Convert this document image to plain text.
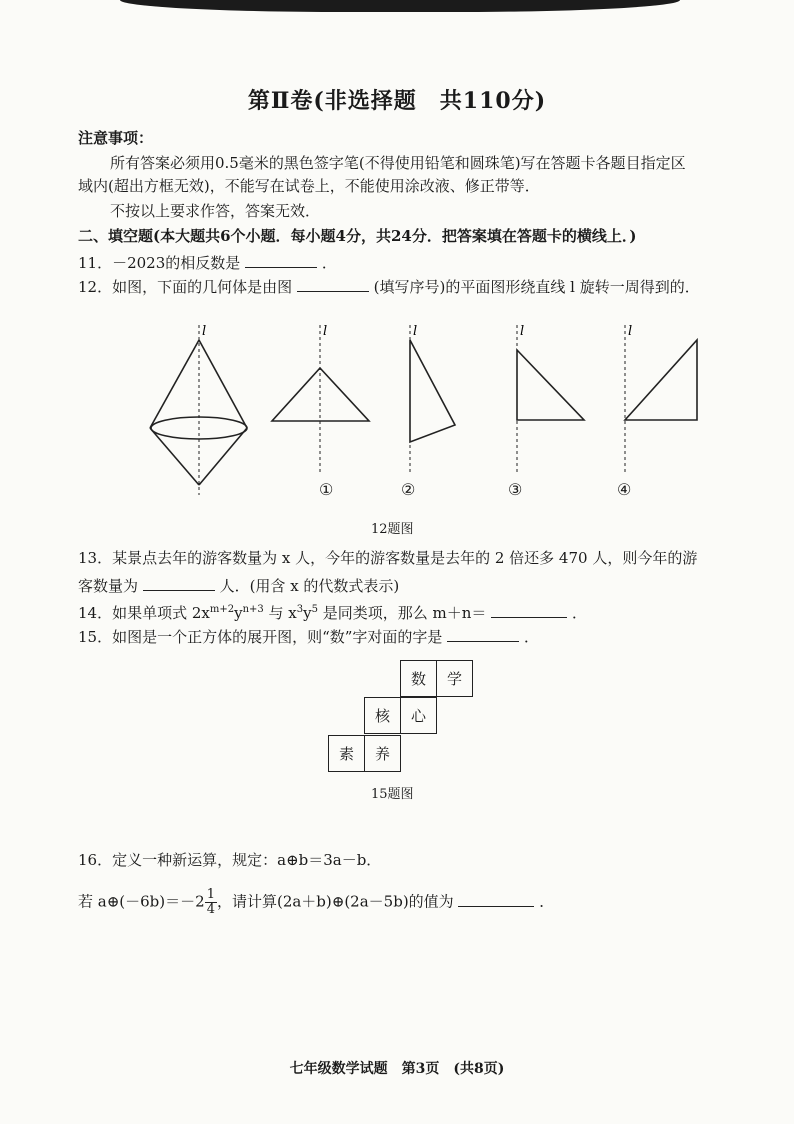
第Ⅱ卷(非选择题　共110分)
注意事项：
所有答案必须用0.5毫米的黑色签字笔(不得使用铅笔和圆珠笔)写在答题卡各题目指定区
域内(超出方框无效)，不能写在试卷上，不能使用涂改液、修正带等．
不按以上要求作答，答案无效．
二、填空题(本大题共6个小题．每小题4分，共24分．把答案填在答题卡的横线上．)
11．－2023的相反数是	．
12．如图，下面的几何体是由图	(填写序号)的平面图形绕直线 l 旋转一周得到的．
l	l	l	l	l
①	②	③	④
12题图
13．某景点去年的游客数量为 x 人，今年的游客数量是去年的 2 倍还多 470 人，则今年的游
客数量为	人．(用含 x 的代数式表示)
14．如果单项式 $2x^{m+2}y^{n+3}$ 与 $x^3y^5$ 是同类项，那么 m＋n＝	．
15．如图是一个正方体的展开图，则“数”字对面的字是	．
数	学
核	心
素	养
15题图
16．定义一种新运算，规定：a⊕b＝3a－b．
若 a⊕(－6b)＝－2 $\frac{1}{4}$ ，请计算(2a＋b)⊕(2a－5b)的值为	．
七年级数学试题　第3页　(共8页)
